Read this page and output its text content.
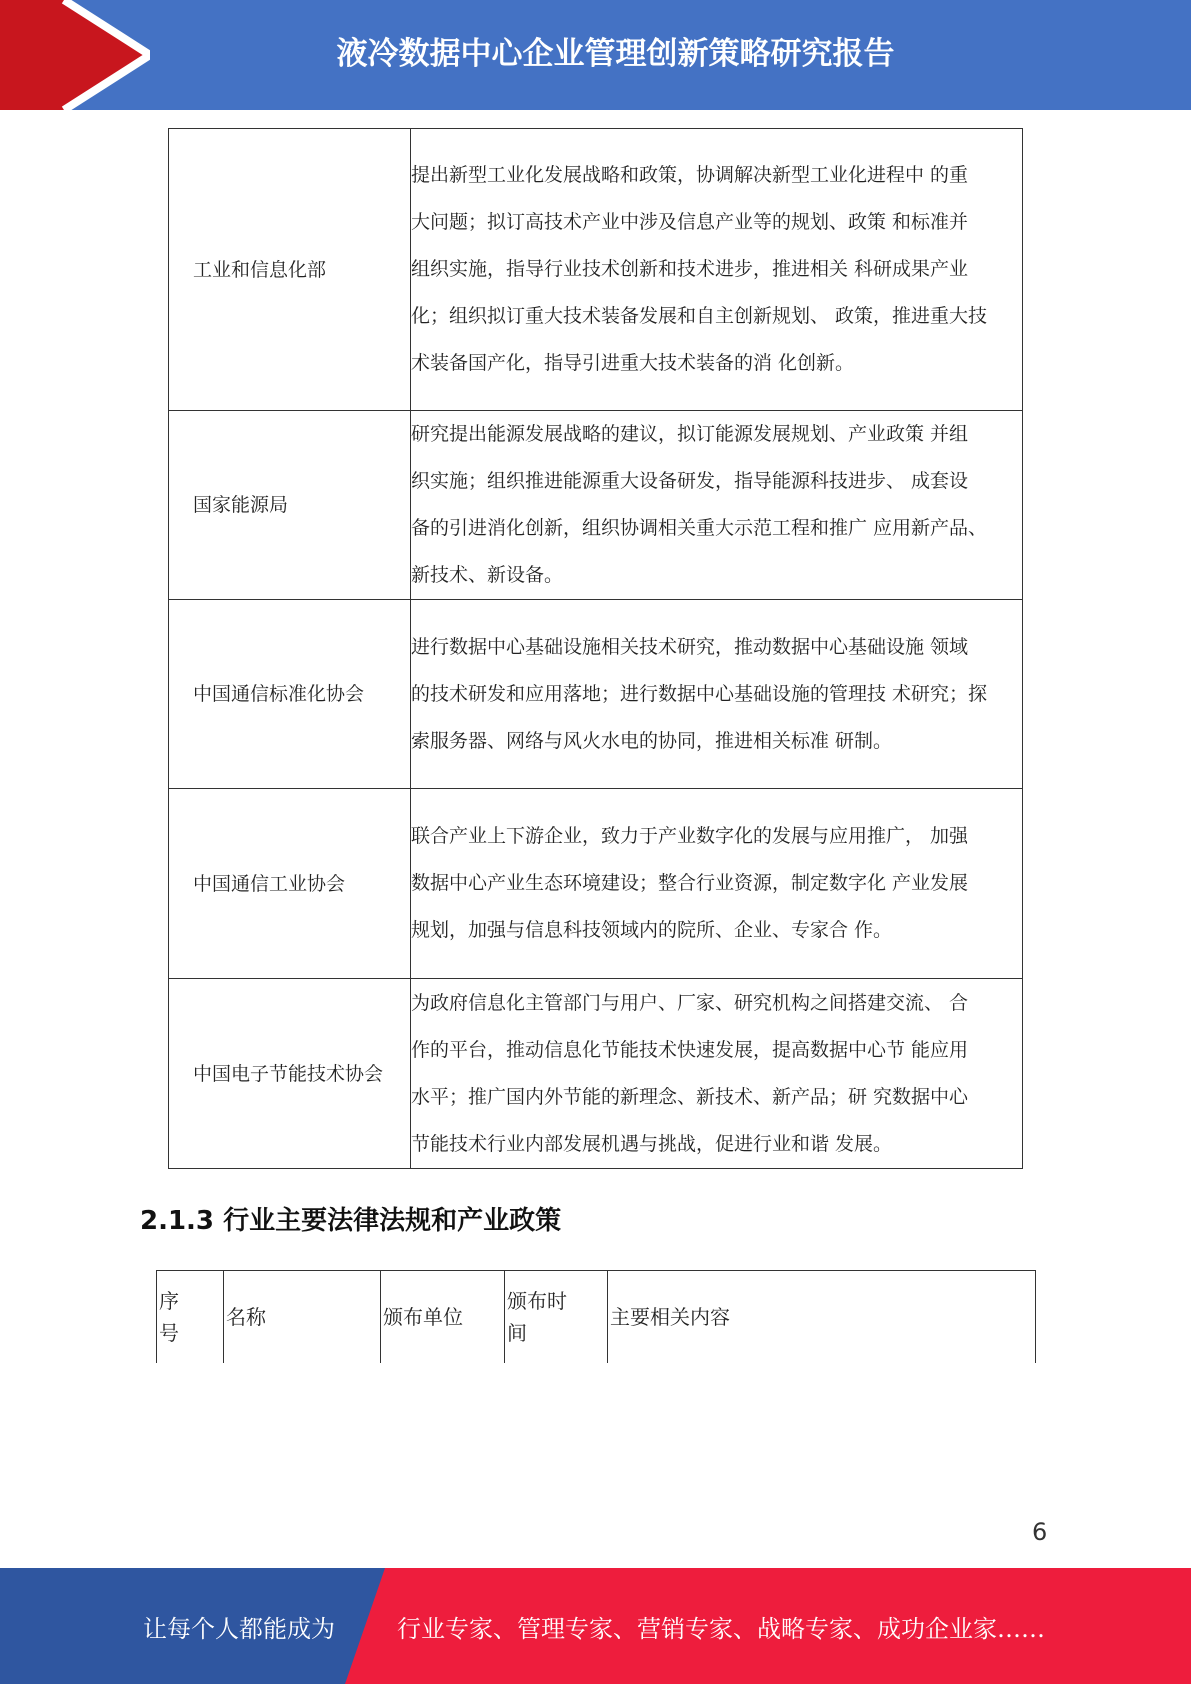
液冷数据中心企业管理创新策略研究报告
工业和信息化部	提出新型工业化发展战略和政策，协调解决新型工业化进程中 的重
大问题；拟订高技术产业中涉及信息产业等的规划、政策 和标准并
组织实施，指导行业技术创新和技术进步，推进相关 科研成果产业
化；组织拟订重大技术装备发展和自主创新规划、 政策，推进重大技
术装备国产化，指导引进重大技术装备的消 化创新。

国家能源局	研究提出能源发展战略的建议，拟订能源发展规划、产业政策 并组
织实施；组织推进能源重大设备研发，指导能源科技进步、 成套设
备的引进消化创新，组织协调相关重大示范工程和推广 应用新产品、
新技术、新设备。

中国通信标准化协会	进行数据中心基础设施相关技术研究，推动数据中心基础设施 领域
的技术研发和应用落地；进行数据中心基础设施的管理技 术研究；探
索服务器、网络与风火水电的协同，推进相关标准 研制。

中国通信工业协会	联合产业上下游企业，致力于产业数字化的发展与应用推广， 加强
数据中心产业生态环境建设；整合行业资源，制定数字化 产业发展
规划，加强与信息科技领域内的院所、企业、专家合 作。

中国电子节能技术协会	为政府信息化主管部门与用户、厂家、研究机构之间搭建交流、 合
作的平台，推动信息化节能技术快速发展，提高数据中心节 能应用
水平；推广国内外节能的新理念、新技术、新产品；研 究数据中心
节能技术行业内部发展机遇与挑战，促进行业和谐 发展。
2.1.3 行业主要法律法规和产业政策
序号	名称	颁布单位	颁布时间	主要相关内容
6
让每个人都能成为	行业专家、管理专家、营销专家、战略专家、成功企业家……
